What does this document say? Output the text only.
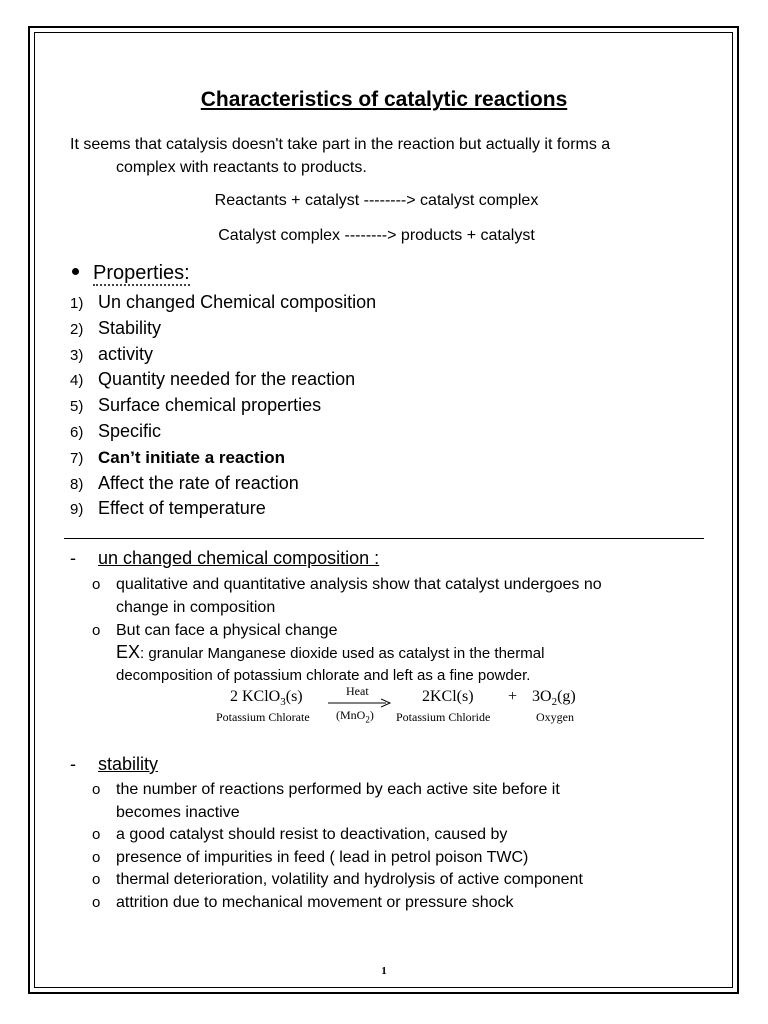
Characteristics of catalytic reactions
It seems that catalysis doesn't take part in the reaction but actually it forms a
complex with reactants to products.
Reactants + catalyst --------> catalyst complex
Catalyst complex --------> products + catalyst
Properties:
1) Un changed Chemical composition
2) Stability
3) activity
4) Quantity needed for the reaction
5) Surface chemical properties
6) Specific
7) Can’t initiate a reaction
8) Affect the rate of reaction
9) Effect of temperature
- un changed chemical composition :
o qualitative and quantitative analysis show that catalyst undergoes no
change in composition
o But can face a physical change
EX: granular Manganese dioxide used as catalyst in the thermal
decomposition of potassium chlorate and left as a fine powder.
2 KClO$_3$(s)
Potassium Chlorate
Heat
(MnO$_2$)
2KCl(s)
Potassium Chloride
+ $3O_2(g)$
Oxygen
- stability
o the number of reactions performed by each active site before it
becomes inactive
o a good catalyst should resist to deactivation, caused by
o presence of impurities in feed ( lead in petrol poison TWC)
o thermal deterioration, volatility and hydrolysis of active component
o attrition due to mechanical movement or pressure shock
1
